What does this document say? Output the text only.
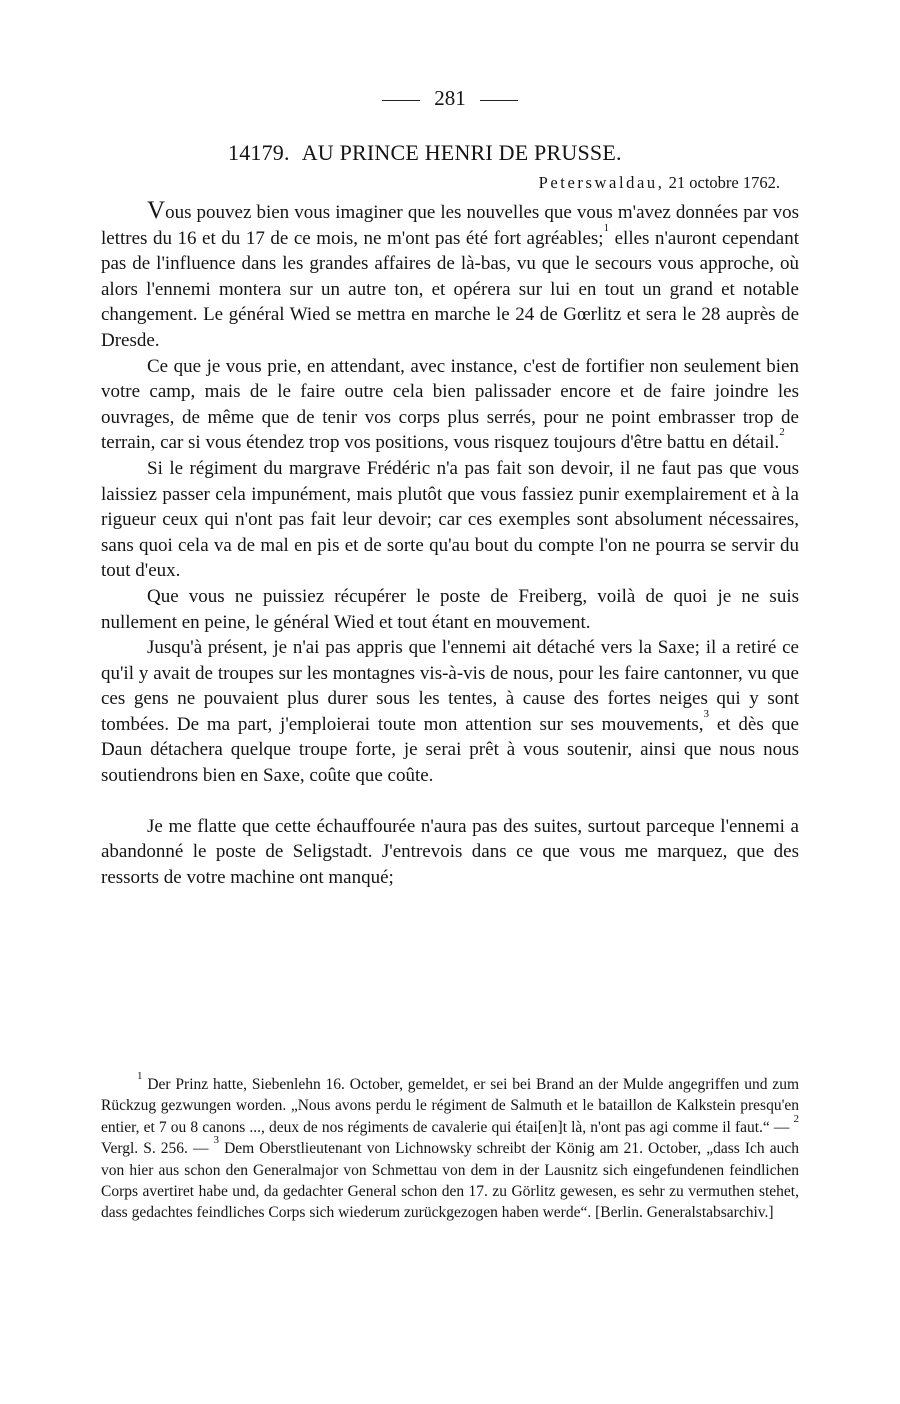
281
14179. AU PRINCE HENRI DE PRUSSE.
Peterswaldau, 21 octobre 1762.

Vous pouvez bien vous imaginer que les nouvelles que vous m'avez données par vos lettres du 16 et du 17 de ce mois, ne m'ont pas été fort agréables;$^1$ elles n'auront cependant pas de l'influence dans les grandes affaires de là-bas, vu que le secours vous approche, où alors l'ennemi montera sur un autre ton, et opérera sur lui en tout un grand et notable changement. Le général Wied se mettra en marche le 24 de Gœrlitz et sera le 28 auprès de Dresde.

Ce que je vous prie, en attendant, avec instance, c'est de fortifier non seulement bien votre camp, mais de le faire outre cela bien palissader encore et de faire joindre les ouvrages, de même que de tenir vos corps plus serrés, pour ne point embrasser trop de terrain, car si vous étendez trop vos positions, vous risquez toujours d'être battu en détail.$^2$

Si le régiment du margrave Frédéric n'a pas fait son devoir, il ne faut pas que vous laissiez passer cela impunément, mais plutôt que vous fassiez punir exemplairement et à la rigueur ceux qui n'ont pas fait leur devoir; car ces exemples sont absolument nécessaires, sans quoi cela va de mal en pis et de sorte qu'au bout du compte l'on ne pourra se servir du tout d'eux.

Que vous ne puissiez récupérer le poste de Freiberg, voilà de quoi je ne suis nullement en peine, le général Wied et tout étant en mouvement.

Jusqu'à présent, je n'ai pas appris que l'ennemi ait détaché vers la Saxe; il a retiré ce qu'il y avait de troupes sur les montagnes vis-à-vis de nous, pour les faire cantonner, vu que ces gens ne pouvaient plus durer sous les tentes, à cause des fortes neiges qui y sont tombées. De ma part, j'emploierai toute mon attention sur ses mouvements,$^3$ et dès que Daun détachera quelque troupe forte, je serai prêt à vous soutenir, ainsi que nous nous soutiendrons bien en Saxe, coûte que coûte.

Je me flatte que cette échauffourée n'aura pas des suites, surtout parceque l'ennemi a abandonné le poste de Seligstadt. J'entrevois dans ce que vous me marquez, que des ressorts de votre machine ont manqué;

$^1$ Der Prinz hatte, Siebenlehn 16. October, gemeldet, er sei bei Brand an der Mulde angegriffen und zum Rückzug gezwungen worden. „Nous avons perdu le régiment de Salmuth et le bataillon de Kalkstein presqu'en entier, et 7 ou 8 canons ..., deux de nos régiments de cavalerie qui étai[en]t là, n'ont pas agi comme il faut.“ — $^2$ Vergl. S. 256. — $^3$ Dem Oberstlieutenant von Lichnowsky schreibt der König am 21. October, „dass Ich auch von hier aus schon den Generalmajor von Schmettau von dem in der Lausnitz sich eingefundenen feindlichen Corps avertiret habe und, da gedachter General schon den 17. zu Görlitz gewesen, es sehr zu vermuthen stehet, dass gedachtes feindliches Corps sich wiederum zurückgezogen haben werde“. [Berlin. Generalstabsarchiv.]
